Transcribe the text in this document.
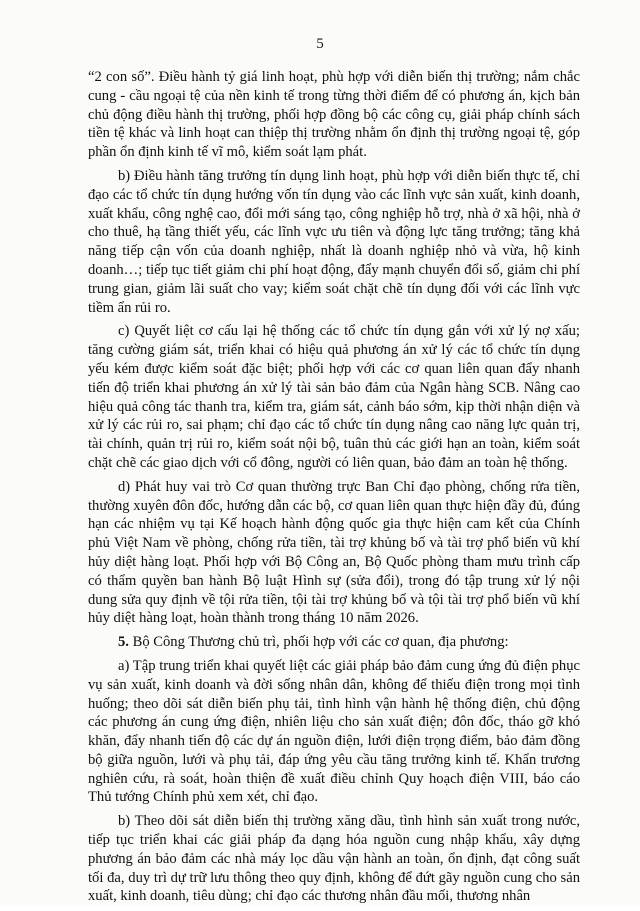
5

“2 con số”. Điều hành tỷ giá linh hoạt, phù hợp với diễn biến thị trường; nắm chắc cung - cầu ngoại tệ của nền kinh tế trong từng thời điểm để có phương án, kịch bản chủ động điều hành thị trường, phối hợp đồng bộ các công cụ, giải pháp chính sách tiền tệ khác và linh hoạt can thiệp thị trường nhằm ổn định thị trường ngoại tệ, góp phần ổn định kinh tế vĩ mô, kiểm soát lạm phát.

b) Điều hành tăng trưởng tín dụng linh hoạt, phù hợp với diễn biến thực tế, chỉ đạo các tổ chức tín dụng hướng vốn tín dụng vào các lĩnh vực sản xuất, kinh doanh, xuất khẩu, công nghệ cao, đổi mới sáng tạo, công nghiệp hỗ trợ, nhà ở xã hội, nhà ở cho thuê, hạ tầng thiết yếu, các lĩnh vực ưu tiên và động lực tăng trưởng; tăng khả năng tiếp cận vốn của doanh nghiệp, nhất là doanh nghiệp nhỏ và vừa, hộ kinh doanh…; tiếp tục tiết giảm chi phí hoạt động, đẩy mạnh chuyển đổi số, giảm chi phí trung gian, giảm lãi suất cho vay; kiểm soát chặt chẽ tín dụng đối với các lĩnh vực tiềm ẩn rủi ro.

c) Quyết liệt cơ cấu lại hệ thống các tổ chức tín dụng gắn với xử lý nợ xấu; tăng cường giám sát, triển khai có hiệu quả phương án xử lý các tổ chức tín dụng yếu kém được kiểm soát đặc biệt; phối hợp với các cơ quan liên quan đẩy nhanh tiến độ triển khai phương án xử lý tài sản bảo đảm của Ngân hàng SCB. Nâng cao hiệu quả công tác thanh tra, kiểm tra, giám sát, cảnh báo sớm, kịp thời nhận diện và xử lý các rủi ro, sai phạm; chỉ đạo các tổ chức tín dụng nâng cao năng lực quản trị, tài chính, quản trị rủi ro, kiểm soát nội bộ, tuân thủ các giới hạn an toàn, kiểm soát chặt chẽ các giao dịch với cổ đông, người có liên quan, bảo đảm an toàn hệ thống.

d) Phát huy vai trò Cơ quan thường trực Ban Chỉ đạo phòng, chống rửa tiền, thường xuyên đôn đốc, hướng dẫn các bộ, cơ quan liên quan thực hiện đầy đủ, đúng hạn các nhiệm vụ tại Kế hoạch hành động quốc gia thực hiện cam kết của Chính phủ Việt Nam về phòng, chống rửa tiền, tài trợ khủng bố và tài trợ phổ biến vũ khí hủy diệt hàng loạt. Phối hợp với Bộ Công an, Bộ Quốc phòng tham mưu trình cấp có thẩm quyền ban hành Bộ luật Hình sự (sửa đổi), trong đó tập trung xử lý nội dung sửa quy định về tội rửa tiền, tội tài trợ khủng bố và tội tài trợ phổ biến vũ khí hủy diệt hàng loạt, hoàn thành trong tháng 10 năm 2026.

5. Bộ Công Thương chủ trì, phối hợp với các cơ quan, địa phương:

a) Tập trung triển khai quyết liệt các giải pháp bảo đảm cung ứng đủ điện phục vụ sản xuất, kinh doanh và đời sống nhân dân, không để thiếu điện trong mọi tình huống; theo dõi sát diễn biến phụ tải, tình hình vận hành hệ thống điện, chủ động các phương án cung ứng điện, nhiên liệu cho sản xuất điện; đôn đốc, tháo gỡ khó khăn, đẩy nhanh tiến độ các dự án nguồn điện, lưới điện trọng điểm, bảo đảm đồng bộ giữa nguồn, lưới và phụ tải, đáp ứng yêu cầu tăng trưởng kinh tế. Khẩn trương nghiên cứu, rà soát, hoàn thiện đề xuất điều chỉnh Quy hoạch điện VIII, báo cáo Thủ tướng Chính phủ xem xét, chỉ đạo.

b) Theo dõi sát diễn biến thị trường xăng dầu, tình hình sản xuất trong nước, tiếp tục triển khai các giải pháp đa dạng hóa nguồn cung nhập khẩu, xây dựng phương án bảo đảm các nhà máy lọc dầu vận hành an toàn, ổn định, đạt công suất tối đa, duy trì dự trữ lưu thông theo quy định, không để đứt gãy nguồn cung cho sản xuất, kinh doanh, tiêu dùng; chỉ đạo các thương nhân đầu mối, thương nhân
